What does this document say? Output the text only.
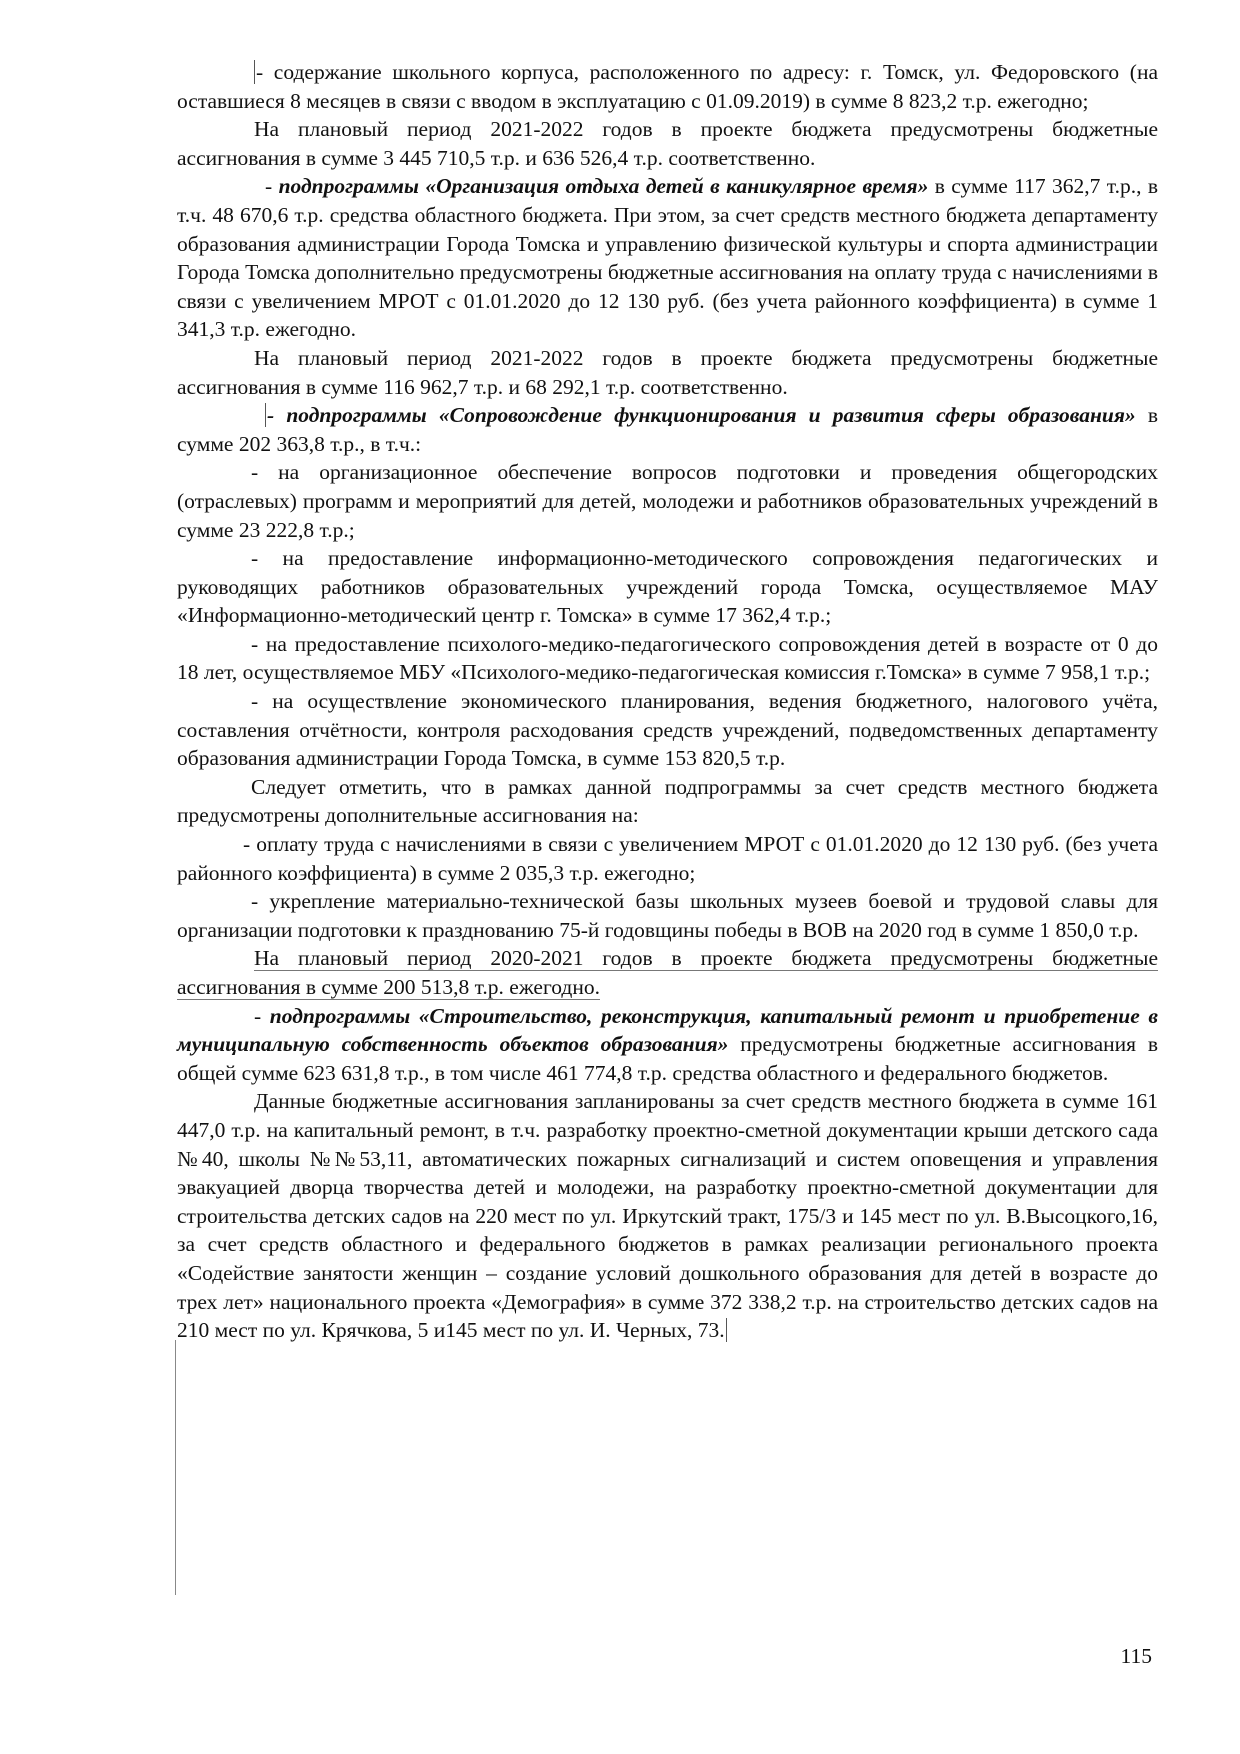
- содержание школьного корпуса, расположенного по адресу: г. Томск, ул. Федоровского (на оставшиеся 8 месяцев в связи с вводом в эксплуатацию с 01.09.2019) в сумме 8 823,2 т.р. ежегодно;

На плановый период 2021-2022 годов в проекте бюджета предусмотрены бюджетные ассигнования в сумме 3 445 710,5 т.р. и 636 526,4 т.р. соответственно.

- подпрограммы «Организация отдыха детей в каникулярное время» в сумме 117 362,7 т.р., в т.ч. 48 670,6 т.р. средства областного бюджета. При этом, за счет средств местного бюджета департаменту образования администрации Города Томска и управлению физической культуры и спорта администрации Города Томска дополнительно предусмотрены бюджетные ассигнования на оплату труда с начислениями в связи с увеличением МРОТ с 01.01.2020 до 12 130 руб. (без учета районного коэффициента) в сумме 1 341,3 т.р. ежегодно.

На плановый период 2021-2022 годов в проекте бюджета предусмотрены бюджетные ассигнования в сумме 116 962,7 т.р. и 68 292,1 т.р. соответственно.

- подпрограммы «Сопровождение функционирования и развития сферы образования» в сумме 202 363,8 т.р., в т.ч.:

- на организационное обеспечение вопросов подготовки и проведения общегородских (отраслевых) программ и мероприятий для детей, молодежи и работников образовательных учреждений в сумме 23 222,8 т.р.;

- на предоставление информационно-методического сопровождения педагогических и руководящих работников образовательных учреждений города Томска, осуществляемое МАУ «Информационно-методический центр г. Томска» в сумме 17 362,4 т.р.;

- на предоставление психолого-медико-педагогического сопровождения детей в возрасте от 0 до 18 лет, осуществляемое МБУ «Психолого-медико-педагогическая комиссия г.Томска» в сумме 7 958,1 т.р.;

- на осуществление экономического планирования, ведения бюджетного, налогового учёта, составления отчётности, контроля расходования средств учреждений, подведомственных департаменту образования администрации Города Томска, в сумме 153 820,5 т.р.

Следует отметить, что в рамках данной подпрограммы за счет средств местного бюджета предусмотрены дополнительные ассигнования на:

- оплату труда с начислениями в связи с увеличением МРОТ с 01.01.2020 до 12 130 руб. (без учета районного коэффициента) в сумме 2 035,3 т.р. ежегодно;

- укрепление материально-технической базы школьных музеев боевой и трудовой славы для организации подготовки к празднованию 75-й годовщины победы в ВОВ на 2020 год в сумме 1 850,0 т.р.

На плановый период 2020-2021 годов в проекте бюджета предусмотрены бюджетные ассигнования в сумме 200 513,8 т.р. ежегодно.

- подпрограммы «Строительство, реконструкция, капитальный ремонт и приобретение в муниципальную собственность объектов образования» предусмотрены бюджетные ассигнования в общей сумме 623 631,8 т.р., в том числе 461 774,8 т.р. средства областного и федерального бюджетов.

Данные бюджетные ассигнования запланированы за счет средств местного бюджета в сумме 161 447,0 т.р. на капитальный ремонт, в т.ч. разработку проектно-сметной документации крыши детского сада №40, школы №№53,11, автоматических пожарных сигнализаций и систем оповещения и управления эвакуацией дворца творчества детей и молодежи, на разработку проектно-сметной документации для строительства детских садов на 220 мест по ул. Иркутский тракт, 175/3 и 145 мест по ул. В.Высоцкого,16, за счет средств областного и федерального бюджетов в рамках реализации регионального проекта «Содействие занятости женщин – создание условий дошкольного образования для детей в возрасте до трех лет» национального проекта «Демография» в сумме 372 338,2 т.р. на строительство детских садов на 210 мест по ул. Крячкова, 5 и145 мест по ул. И. Черных, 73.

115
